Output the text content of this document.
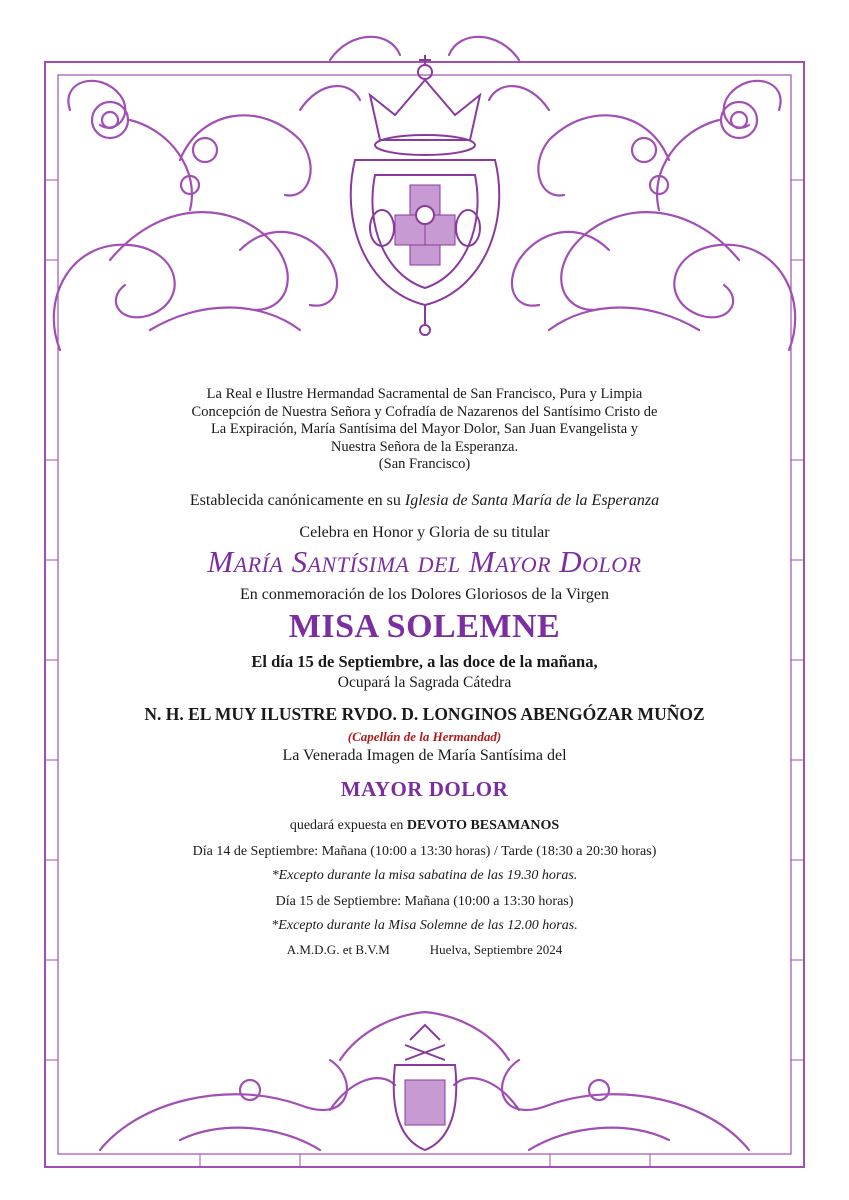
La Real e Ilustre Hermandad Sacramental de San Francisco, Pura y Limpia

Concepción de Nuestra Señora y Cofradía de Nazarenos del Santísimo Cristo de

La Expiración, María Santísima del Mayor Dolor, San Juan Evangelista y

Nuestra Señora de la Esperanza.

(San Francisco)

Establecida canónicamente en su Iglesia de Santa María de la Esperanza

Celebra en Honor y Gloria de su titular

María Santísima del Mayor Dolor

En conmemoración de los Dolores Gloriosos de la Virgen

MISA SOLEMNE

El día 15 de Septiembre, a las doce de la mañana,

Ocupará la Sagrada Cátedra

N. H. EL MUY ILUSTRE RVDO. D. LONGINOS ABENGÓZAR MUÑOZ

(Capellán de la Hermandad)

La Venerada Imagen de María Santísima del

MAYOR DOLOR

quedará expuesta en DEVOTO BESAMANOS

Día 14 de Septiembre: Mañana (10:00 a 13:30 horas) / Tarde (18:30 a 20:30 horas)

*Excepto durante la misa sabatina de las 19.30 horas.

Día 15 de Septiembre: Mañana (10:00 a 13:30 horas)

*Excepto durante la Misa Solemne de las 12.00 horas.

A.M.D.G. et B.V.M	Huelva, Septiembre 2024
